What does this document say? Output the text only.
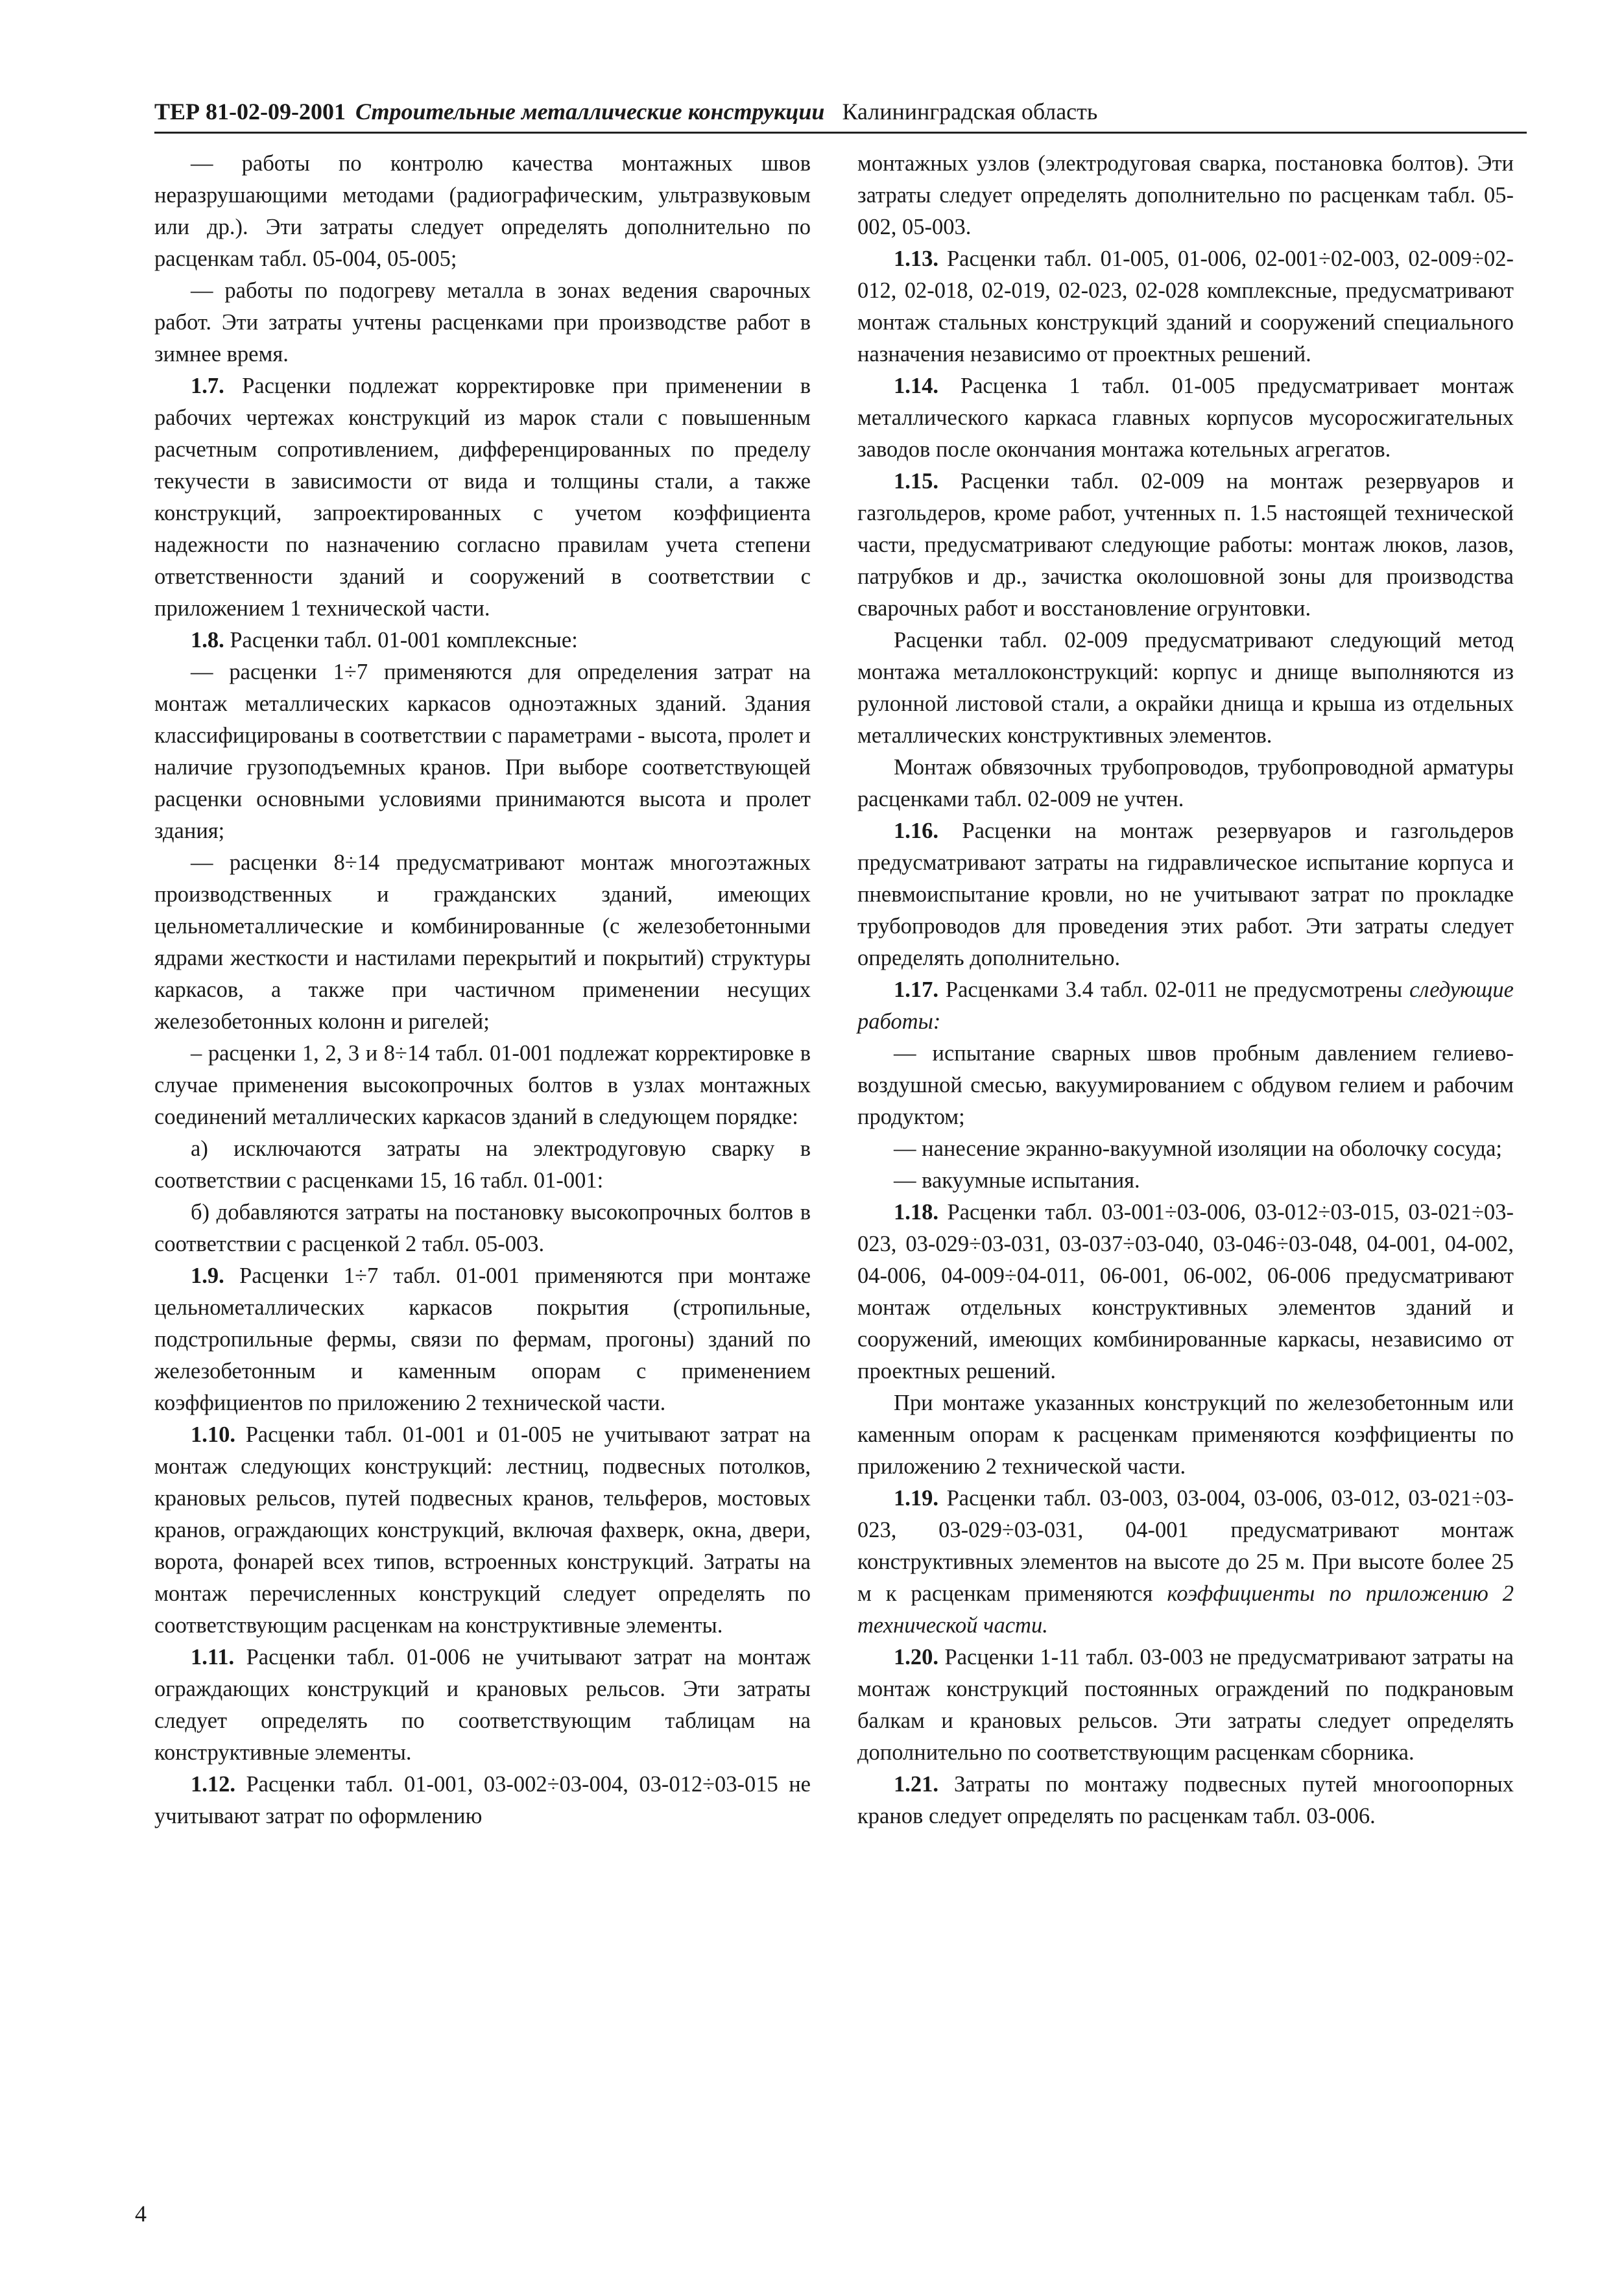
ТЕР 81-02-09-2001 Строительные металлические конструкции Калининградская область

— работы по контролю качества монтажных швов неразрушающими методами (радиографическим, ультразвуковым или др.). Эти затраты следует определять дополнительно по расценкам табл. 05-004, 05-005;

— работы по подогреву металла в зонах ведения сварочных работ. Эти затраты учтены расценками при производстве работ в зимнее время.

1.7. Расценки подлежат корректировке при применении в рабочих чертежах конструкций из марок стали с повышенным расчетным сопротивлением, дифференцированных по пределу текучести в зависимости от вида и толщины стали, а также конструкций, запроектированных с учетом коэффициента надежности по назначению согласно правилам учета степени ответственности зданий и сооружений в соответствии с приложением 1 технической части.

1.8. Расценки табл. 01-001 комплексные:

— расценки 1÷7 применяются для определения затрат на монтаж металлических каркасов одноэтажных зданий. Здания классифицированы в соответствии с параметрами - высота, пролет и наличие грузоподъемных кранов. При выборе соответствующей расценки основными условиями принимаются высота и пролет здания;

— расценки 8÷14 предусматривают монтаж многоэтажных производственных и гражданских зданий, имеющих цельнометаллические и комбинированные (с железобетонными ядрами жесткости и настилами перекрытий и покрытий) структуры каркасов, а также при частичном применении несущих железобетонных колонн и ригелей;

– расценки 1, 2, 3 и 8÷14 табл. 01-001 подлежат корректировке в случае применения высокопрочных болтов в узлах монтажных соединений металлических каркасов зданий в следующем порядке:

а) исключаются затраты на электродуговую сварку в соответствии с расценками 15, 16 табл. 01-001:

б) добавляются затраты на постановку высокопрочных болтов в соответствии с расценкой 2 табл. 05-003.

1.9. Расценки 1÷7 табл. 01-001 применяются при монтаже цельнометаллических каркасов покрытия (стропильные, подстропильные фермы, связи по фермам, прогоны) зданий по железобетонным и каменным опорам с применением коэффициентов по приложению 2 технической части.

1.10. Расценки табл. 01-001 и 01-005 не учитывают затрат на монтаж следующих конструкций: лестниц, подвесных потолков, крановых рельсов, путей подвесных кранов, тельферов, мостовых кранов, ограждающих конструкций, включая фахверк, окна, двери, ворота, фонарей всех типов, встроенных конструкций. Затраты на монтаж перечисленных конструкций следует определять по соответствующим расценкам на конструктивные элементы.

1.11. Расценки табл. 01-006 не учитывают затрат на монтаж ограждающих конструкций и крановых рельсов. Эти затраты следует определять по соответствующим таблицам на конструктивные элементы.

1.12. Расценки табл. 01-001, 03-002÷03-004, 03-012÷03-015 не учитывают затрат по оформлению

монтажных узлов (электродуговая сварка, постановка болтов). Эти затраты следует определять дополнительно по расценкам табл. 05-002, 05-003.

1.13. Расценки табл. 01-005, 01-006, 02-001÷02-003, 02-009÷02-012, 02-018, 02-019, 02-023, 02-028 комплексные, предусматривают монтаж стальных конструкций зданий и сооружений специального назначения независимо от проектных решений.

1.14. Расценка 1 табл. 01-005 предусматривает монтаж металлического каркаса главных корпусов мусоросжигательных заводов после окончания монтажа котельных агрегатов.

1.15. Расценки табл. 02-009 на монтаж резервуаров и газгольдеров, кроме работ, учтенных п. 1.5 настоящей технической части, предусматривают следующие работы: монтаж люков, лазов, патрубков и др., зачистка околошовной зоны для производства сварочных работ и восстановление огрунтовки.

Расценки табл. 02-009 предусматривают следующий метод монтажа металлоконструкций: корпус и днище выполняются из рулонной листовой стали, а окрайки днища и крыша из отдельных металлических конструктивных элементов.

Монтаж обвязочных трубопроводов, трубопроводной арматуры расценками табл. 02-009 не учтен.

1.16. Расценки на монтаж резервуаров и газгольдеров предусматривают затраты на гидравлическое испытание корпуса и пневмоиспытание кровли, но не учитывают затрат по прокладке трубопроводов для проведения этих работ. Эти затраты следует определять дополнительно.

1.17. Расценками 3.4 табл. 02-011 не предусмотрены следующие работы:

— испытание сварных швов пробным давлением гелиево-воздушной смесью, вакуумированием с обдувом гелием и рабочим продуктом;

— нанесение экранно-вакуумной изоляции на оболочку сосуда;

— вакуумные испытания.

1.18. Расценки табл. 03-001÷03-006, 03-012÷03-015, 03-021÷03-023, 03-029÷03-031, 03-037÷03-040, 03-046÷03-048, 04-001, 04-002, 04-006, 04-009÷04-011, 06-001, 06-002, 06-006 предусматривают монтаж отдельных конструктивных элементов зданий и сооружений, имеющих комбинированные каркасы, независимо от проектных решений.

При монтаже указанных конструкций по железобетонным или каменным опорам к расценкам применяются коэффициенты по приложению 2 технической части.

1.19. Расценки табл. 03-003, 03-004, 03-006, 03-012, 03-021÷03-023, 03-029÷03-031, 04-001 предусматривают монтаж конструктивных элементов на высоте до 25 м. При высоте более 25 м к расценкам применяются коэффициенты по приложению 2 технической части.

1.20. Расценки 1-11 табл. 03-003 не предусматривают затраты на монтаж конструкций постоянных ограждений по подкрановым балкам и крановых рельсов. Эти затраты следует определять дополнительно по соответствующим расценкам сборника.

1.21. Затраты по монтажу подвесных путей многоопорных кранов следует определять по расценкам табл. 03-006.

4
